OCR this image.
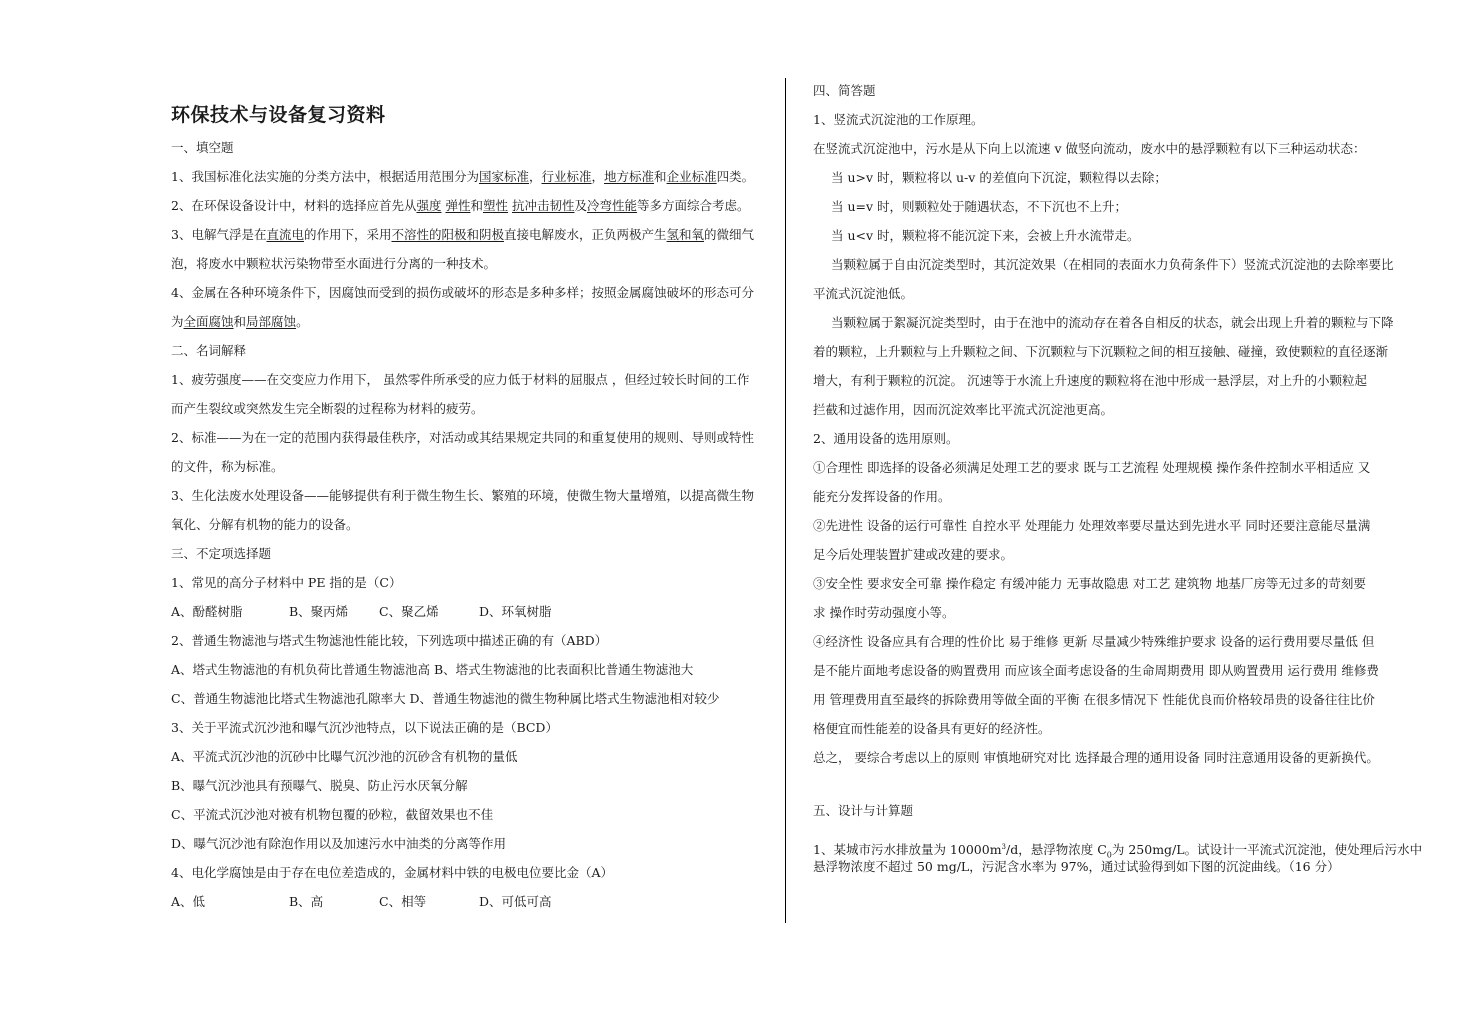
环保技术与设备复习资料
一、填空题
1、我国标准化法实施的分类方法中，根据适用范围分为国家标准，行业标准，地方标准和企业标准四类。
2、在环保设备设计中，材料的选择应首先从强度 弹性和塑性 抗冲击韧性及冷弯性能等多方面综合考虑。
3、电解气浮是在直流电的作用下，采用不溶性的阳极和阴极直接电解废水，正负两极产生氢和氧的微细气
泡，将废水中颗粒状污染物带至水面进行分离的一种技术。
4、金属在各种环境条件下，因腐蚀而受到的损伤或破坏的形态是多种多样；按照金属腐蚀破坏的形态可分
为全面腐蚀和局部腐蚀。
二、名词解释
1、疲劳强度——在交变应力作用下， 虽然零件所承受的应力低于材料的屈服点 ，但经过较长时间的工作
而产生裂纹或突然发生完全断裂的过程称为材料的疲劳。
2、标准——为在一定的范围内获得最佳秩序，对活动或其结果规定共同的和重复使用的规则、导则或特性
的文件，称为标准。
3、生化法废水处理设备——能够提供有利于微生物生长、繁殖的环境，使微生物大量增殖，以提高微生物
氧化、分解有机物的能力的设备。
三、不定项选择题
1、常见的高分子材料中 PE 指的是（C）
A、酚醛树脂	B、聚丙烯 C、聚乙烯	D、环氧树脂
2、普通生物滤池与塔式生物滤池性能比较，下列选项中描述正确的有（ABD）
A、塔式生物滤池的有机负荷比普通生物滤池高 B、塔式生物滤池的比表面积比普通生物滤池大
C、普通生物滤池比塔式生物滤池孔隙率大 D、普通生物滤池的微生物种属比塔式生物滤池相对较少
3、关于平流式沉沙池和曝气沉沙池特点，以下说法正确的是（BCD）
A、平流式沉沙池的沉砂中比曝气沉沙池的沉砂含有机物的量低
B、曝气沉沙池具有预曝气、脱臭、防止污水厌氧分解
C、平流式沉沙池对被有机物包覆的砂粒，截留效果也不佳
D、曝气沉沙池有除泡作用以及加速污水中油类的分离等作用
4、电化学腐蚀是由于存在电位差造成的，金属材料中铁的电极电位要比金（A）
A、低	B、高	C、相等	D、可低可高
四、简答题
1、竖流式沉淀池的工作原理。
在竖流式沉淀池中，污水是从下向上以流速 v 做竖向流动，废水中的悬浮颗粒有以下三种运动状态：
当 u>v 时，颗粒将以 u-v 的差值向下沉淀，颗粒得以去除；
当 u=v 时，则颗粒处于随遇状态，不下沉也不上升；
当 u<v 时，颗粒将不能沉淀下来，会被上升水流带走。
当颗粒属于自由沉淀类型时，其沉淀效果（在相同的表面水力负荷条件下）竖流式沉淀池的去除率要比
平流式沉淀池低。
当颗粒属于絮凝沉淀类型时，由于在池中的流动存在着各自相反的状态，就会出现上升着的颗粒与下降
着的颗粒，上升颗粒与上升颗粒之间、下沉颗粒与下沉颗粒之间的相互接触、碰撞，致使颗粒的直径逐渐
增大，有利于颗粒的沉淀。 沉速等于水流上升速度的颗粒将在池中形成一悬浮层，对上升的小颗粒起
拦截和过滤作用，因而沉淀效率比平流式沉淀池更高。
2、通用设备的选用原则。
①合理性 即选择的设备必须满足处理工艺的要求 既与工艺流程 处理规模 操作条件控制水平相适应 又
能充分发挥设备的作用。
②先进性 设备的运行可靠性 自控水平 处理能力 处理效率要尽量达到先进水平 同时还要注意能尽量满
足今后处理装置扩建或改建的要求。
③安全性 要求安全可靠 操作稳定 有缓冲能力 无事故隐患 对工艺 建筑物 地基厂房等无过多的苛刻要
求 操作时劳动强度小等。
④经济性 设备应具有合理的性价比 易于维修 更新 尽量减少特殊维护要求 设备的运行费用要尽量低 但
是不能片面地考虑设备的购置费用 而应该全面考虑设备的生命周期费用 即从购置费用 运行费用 维修费
用 管理费用直至最终的拆除费用等做全面的平衡 在很多情况下 性能优良而价格较昂贵的设备往往比价
格便宜而性能差的设备具有更好的经济性。
总之， 要综合考虑以上的原则 审慎地研究对比 选择最合理的通用设备 同时注意通用设备的更新换代。
五、设计与计算题
1、某城市污水排放量为 $10000m^3/d$，悬浮物浓度 $C_0$为 250mg/L。试设计一平流式沉淀池，使处理后污水中
悬浮物浓度不超过 50 mg/L，污泥含水率为 97%，通过试验得到如下图的沉淀曲线。（16 分）
